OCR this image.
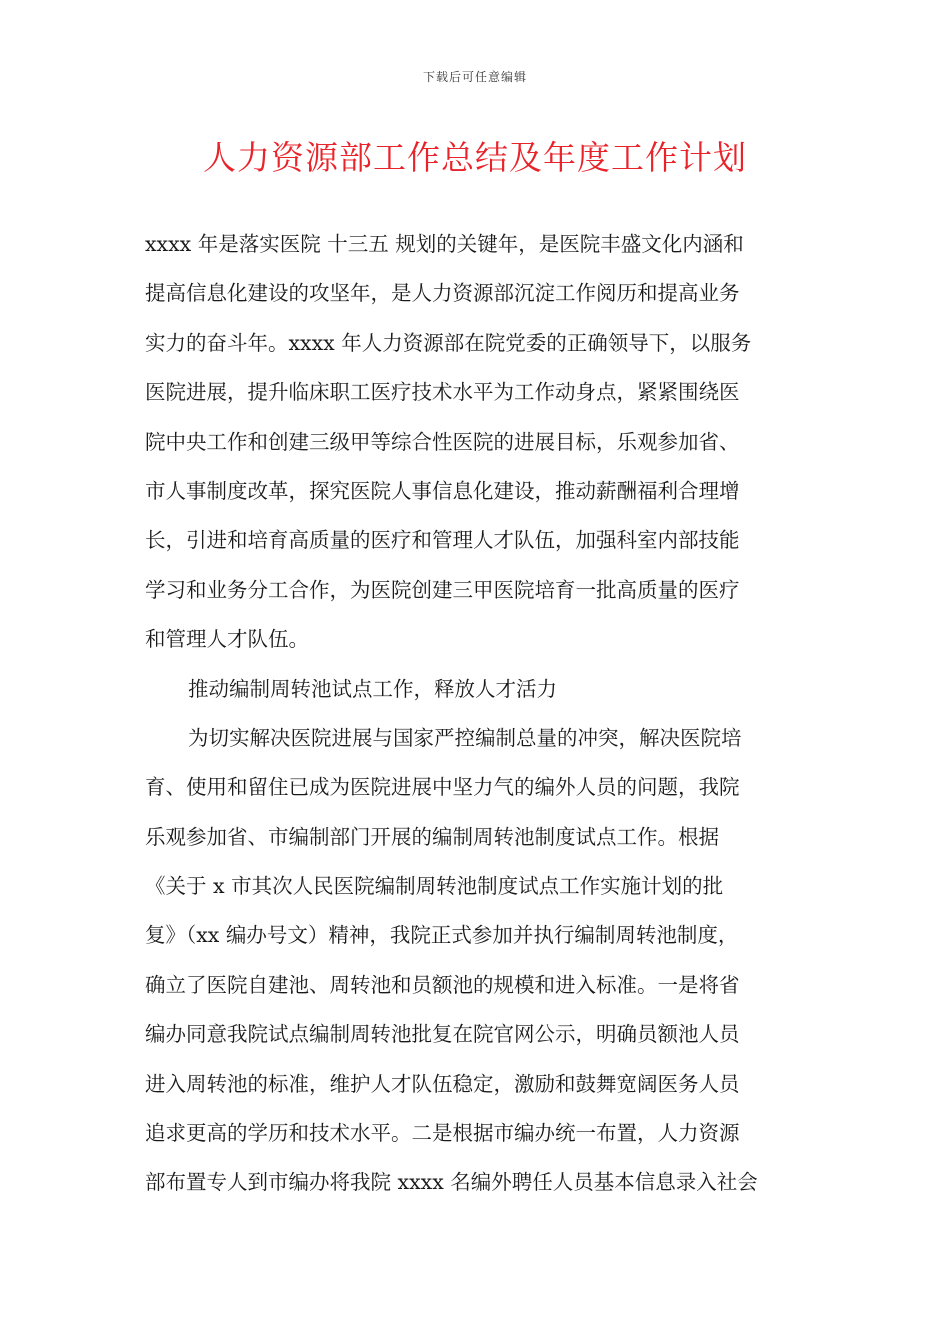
下载后可任意编辑
人力资源部工作总结及年度工作计划

xxxx 年是落实医院 十三五 规划的关键年，是医院丰盛文化内涵和
提高信息化建设的攻坚年，是人力资源部沉淀工作阅历和提高业务
实力的奋斗年。xxxx 年人力资源部在院党委的正确领导下，以服务
医院进展，提升临床职工医疗技术水平为工作动身点，紧紧围绕医
院中央工作和创建三级甲等综合性医院的进展目标，乐观参加省、
市人事制度改革，探究医院人事信息化建设，推动薪酬福利合理增
长，引进和培育高质量的医疗和管理人才队伍，加强科室内部技能
学习和业务分工合作，为医院创建三甲医院培育一批高质量的医疗
和管理人才队伍。

推动编制周转池试点工作，释放人才活力

为切实解决医院进展与国家严控编制总量的冲突，解决医院培
育、使用和留住已成为医院进展中坚力气的编外人员的问题，我院
乐观参加省、市编制部门开展的编制周转池制度试点工作。根据
《关于 x 市其次人民医院编制周转池制度试点工作实施计划的批
复》（xx 编办号文）精神，我院正式参加并执行编制周转池制度，
确立了医院自建池、周转池和员额池的规模和进入标准。一是将省
编办同意我院试点编制周转池批复在院官网公示，明确员额池人员
进入周转池的标准，维护人才队伍稳定，激励和鼓舞宽阔医务人员
追求更高的学历和技术水平。二是根据市编办统一布置，人力资源
部布置专人到市编办将我院 xxxx 名编外聘任人员基本信息录入社会
